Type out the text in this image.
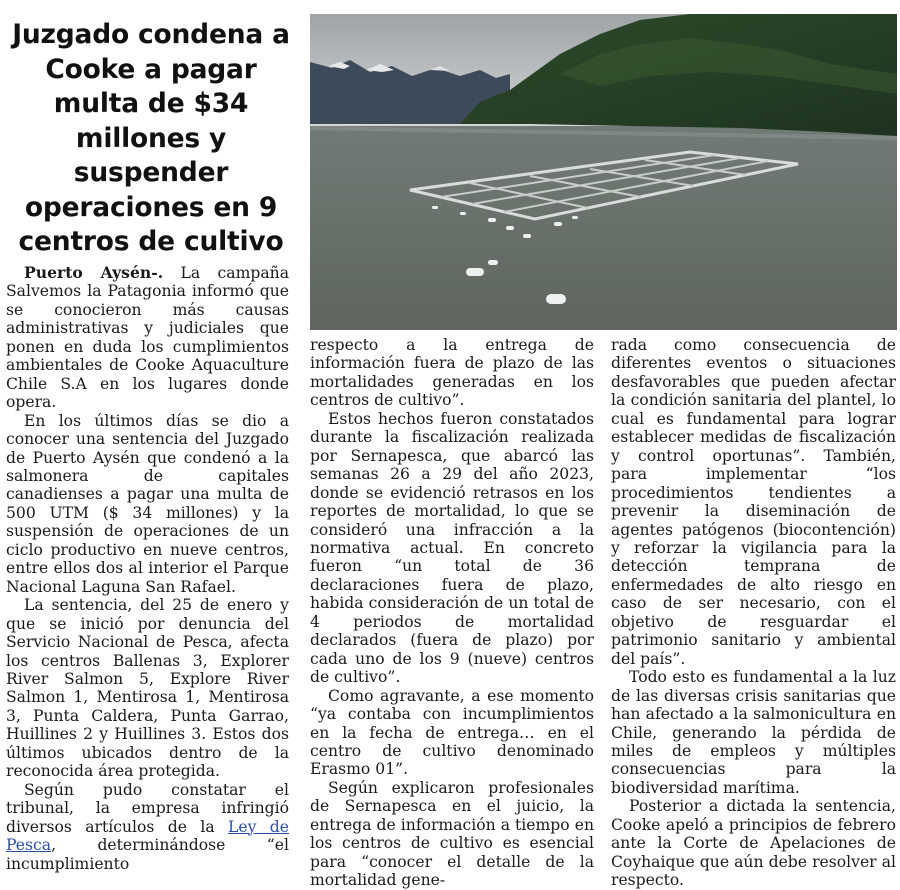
Juzgado condena a Cooke a pagar multa de $34 millones y suspender operaciones en 9 centros de cultivo

Puerto Aysén-. La campaña Salvemos la Patagonia informó que se conocieron más causas administrativas y judiciales que ponen en duda los cumplimientos ambientales de Cooke Aquaculture Chile S.A en los lugares donde opera.

En los últimos días se dio a conocer una sentencia del Juzgado de Puerto Aysén que condenó a la salmonera de capitales canadienses a pagar una multa de 500 UTM ($ 34 millones) y la suspensión de operaciones de un ciclo productivo en nueve centros, entre ellos dos al interior el Parque Nacional Laguna San Rafael.

La sentencia, del 25 de enero y que se inició por denuncia del Servicio Nacional de Pesca, afecta los centros Ballenas 3, Explorer River Salmon 5, Explore River Salmon 1, Mentirosa 1, Mentirosa 3, Punta Caldera, Punta Garrao, Huillines 2 y Huillines 3. Estos dos últimos ubicados dentro de la reconocida área protegida.

Según pudo constatar el tribunal, la empresa infringió diversos artículos de la Ley de Pesca, determinándose “el incumplimiento

respecto a la entrega de información fuera de plazo de las mortalidades generadas en los centros de cultivo”.

Estos hechos fueron constatados durante la fiscalización realizada por Sernapesca, que abarcó las semanas 26 a 29 del año 2023, donde se evidenció retrasos en los reportes de mortalidad, lo que se consideró una infracción a la normativa actual. En concreto fueron “un total de 36 declaraciones fuera de plazo, habida consideración de un total de 4 periodos de mortalidad declarados (fuera de plazo) por cada uno de los 9 (nueve) centros de cultivo”.

Como agravante, a ese momento “ya contaba con incumplimientos en la fecha de entrega… en el centro de cultivo denominado Erasmo 01”.

Según explicaron profesionales de Sernapesca en el juicio, la entrega de información a tiempo en los centros de cultivo es esencial para “conocer el detalle de la mortalidad gene-

rada como consecuencia de diferentes eventos o situaciones desfavorables que pueden afectar la condición sanitaria del plantel, lo cual es fundamental para lograr establecer medidas de fiscalización y control oportunas”. También, para implementar “los procedimientos tendientes a prevenir la diseminación de agentes patógenos (biocontención) y reforzar la vigilancia para la detección temprana de enfermedades de alto riesgo en caso de ser necesario, con el objetivo de resguardar el patrimonio sanitario y ambiental del país”.

Todo esto es fundamental a la luz de las diversas crisis sanitarias que han afectado a la salmonicultura en Chile, generando la pérdida de miles de empleos y múltiples consecuencias para la biodiversidad marítima.

Posterior a dictada la sentencia, Cooke apeló a principios de febrero ante la Corte de Apelaciones de Coyhaique que aún debe resolver al respecto.
